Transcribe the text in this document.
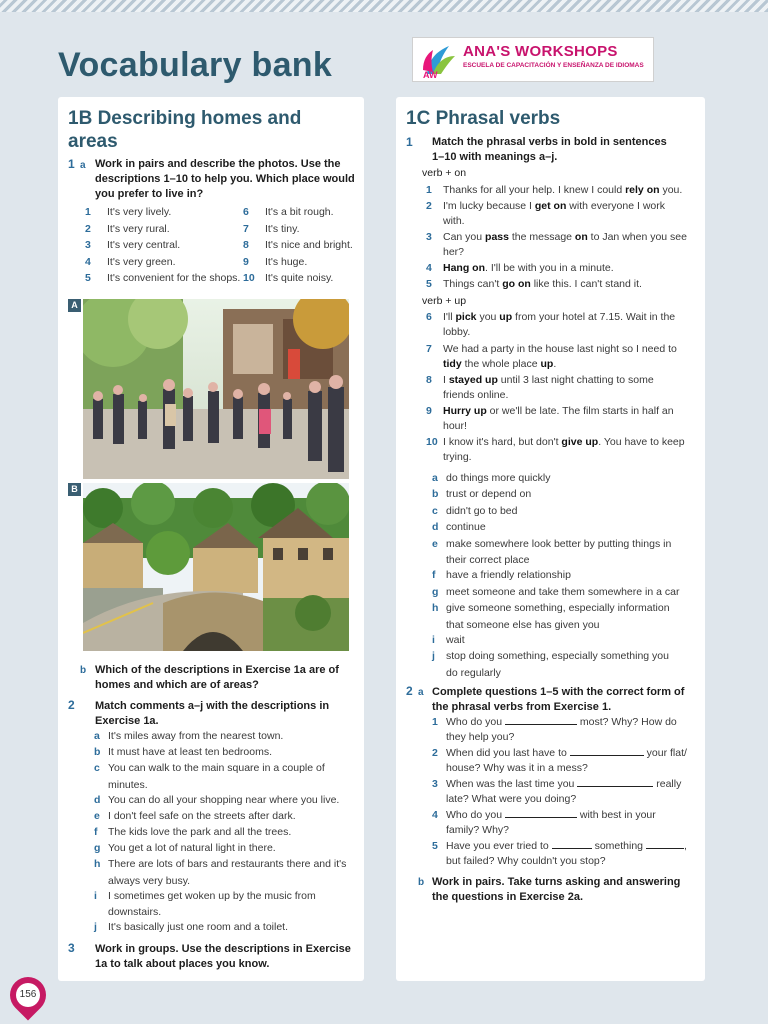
Vocabulary bank	AW
ANA'S WORKSHOPS
ESCUELA DE CAPACITACIÓN Y ENSEÑANZA DE IDIOMAS
1B Describing homes and
areas
1 a Work in pairs and describe the photos. Use the
descriptions 1–10 to help you. Which place would
you prefer to live in?
1	It's very lively.
2	It's very rural.
3	It's very central.
4	It's very green.
5	It's convenient for the shops.
6	It's a bit rough.
7	It's tiny.
8	It's nice and bright.
9	It's huge.
10 It's quite noisy.
A
B
b Which of the descriptions in Exercise 1a are of
homes and which are of areas?
2 Match comments a–j with the descriptions in
Exercise 1a.
a It's miles away from the nearest town.
b It must have at least ten bedrooms.
c You can walk to the main square in a couple of
minutes.
d You can do all your shopping near where you live.
e I don't feel safe on the streets after dark.
f	The kids love the park and all the trees.
g You get a lot of natural light in there.
h There are lots of bars and restaurants there and it's
always very busy.
i	I sometimes get woken up by the music from
downstairs.
j	It's basically just one room and a toilet.
3 Work in groups. Use the descriptions in Exercise
1a to talk about places you know.
1C Phrasal verbs
1 Match the phrasal verbs in bold in sentences
1–10 with meanings a–j.
verb + on
verb + up
1	Thanks for all your help. I knew I could rely on you.
2	I'm lucky because I get on with everyone I work
with.
3	Can you pass the message on to Jan when you see
her?
4	Hang on. I'll be with you in a minute.
5	Things can't go on like this. I can't stand it.
6	I'll pick you up from your hotel at 7.15. Wait in the
lobby.
7	We had a party in the house last night so I need to
tidy the whole place up.
8	I stayed up until 3 last night chatting to some
friends online.
9	Hurry up or we'll be late. The film starts in half an
hour!
10 I know it's hard, but don't give up. You have to keep
trying.
a do things more quickly
b trust or depend on
c didn't go to bed
d continue
e make somewhere look better by putting things in
their correct place
f	have a friendly relationship
g meet someone and take them somewhere in a car
h give someone something, especially information
that someone else has given you
i	wait
j	stop doing something, especially something you
do regularly
2 a Complete questions 1–5 with the correct form of
the phrasal verbs from Exercise 1.
1 Who do you	most? Why? How do
they help you?
2 When did you last have to	your flat/
house? Why was it in a mess?
3 When was the last time you	really
late? What were you doing?
4 Who do you	with best in your
family? Why?
5 Have you ever tried to	something	,
but failed? Why couldn't you stop?
b Work in pairs. Take turns asking and answering
the questions in Exercise 2a.
156
